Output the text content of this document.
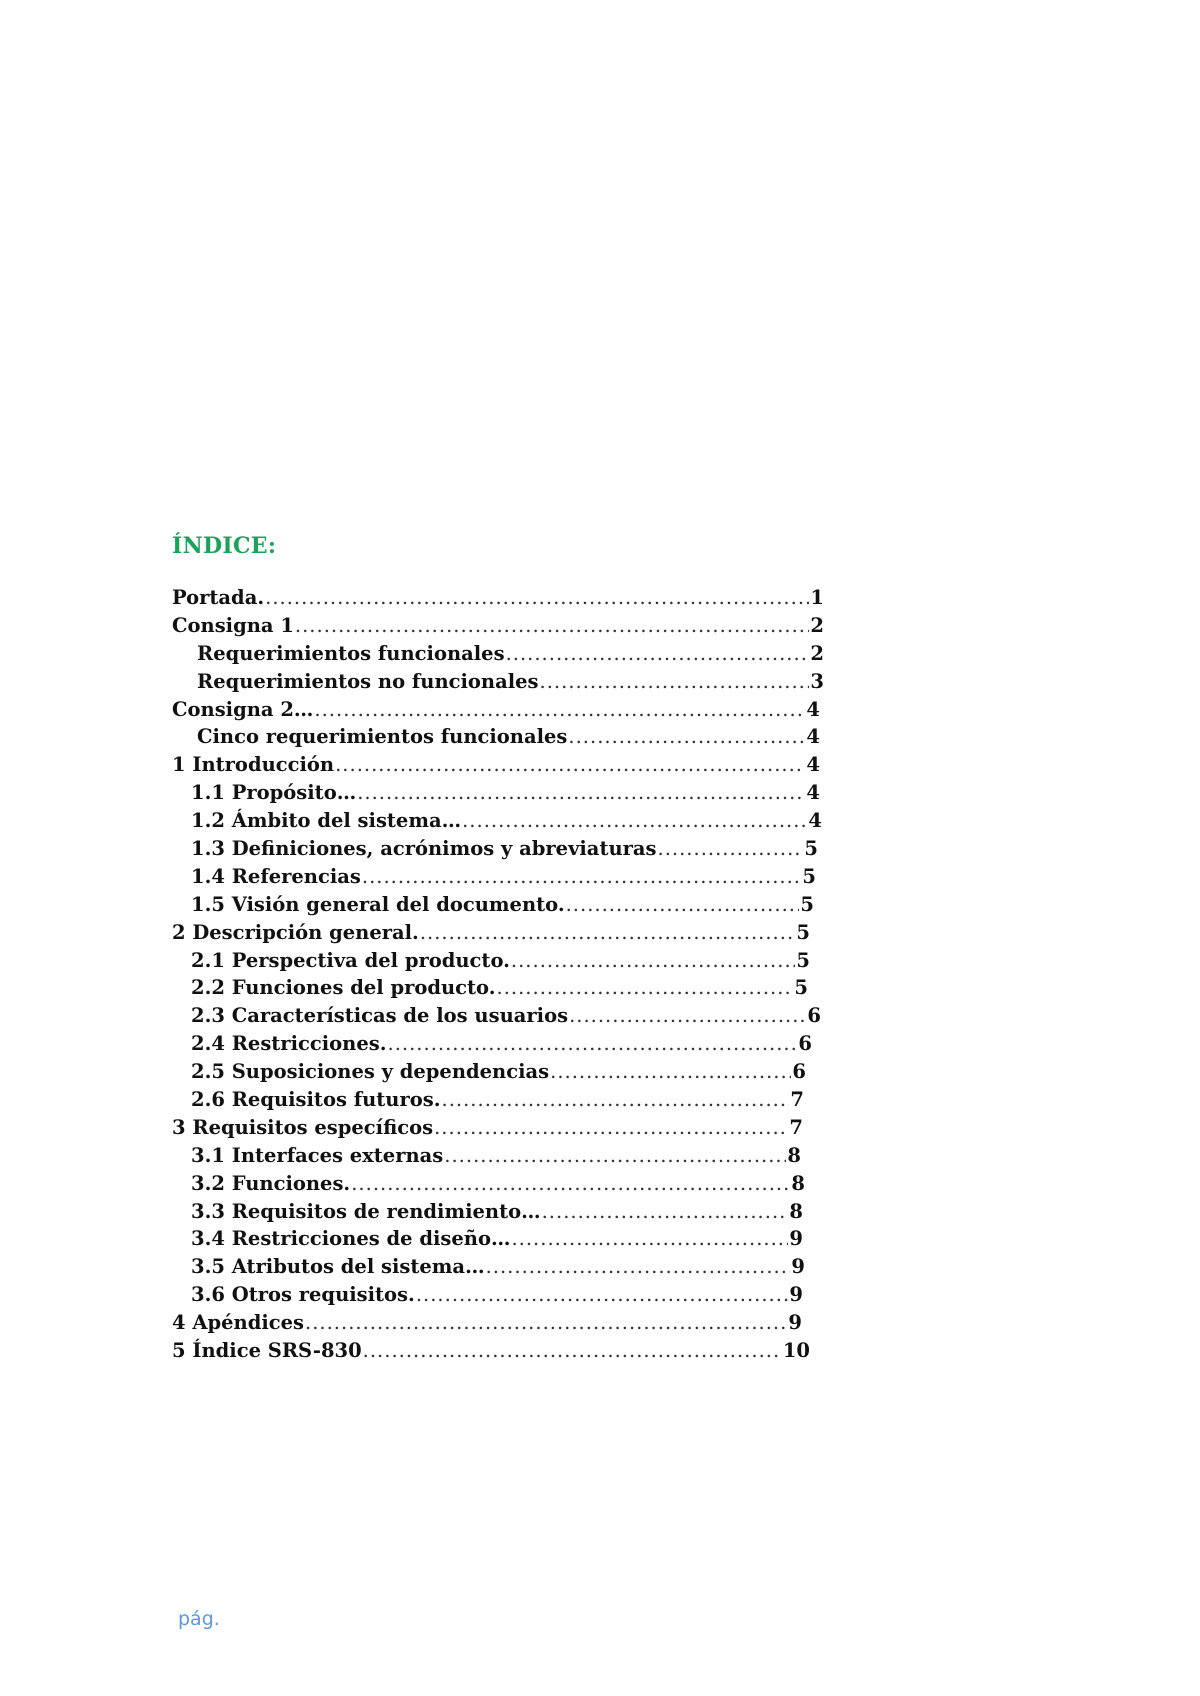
ÍNDICE:
Portada. .....	1
Consigna 1 .....	2
Requerimientos funcionales .....	2
Requerimientos no funcionales .....	3
Consigna 2… .....	4
Cinco requerimientos funcionales .....	4
1 Introducción .....	4
1.1 Propósito… .....	4
1.2 Ámbito del sistema… .....	4
1.3 Definiciones, acrónimos y abreviaturas .....	5
1.4 Referencias .....	5
1.5 Visión general del documento. .....	5
2 Descripción general. .....	5
2.1 Perspectiva del producto. .....	5
2.2 Funciones del producto. .....	5
2.3 Características de los usuarios .....	6
2.4 Restricciones. .....	6
2.5 Suposiciones y dependencias .....	6
2.6 Requisitos futuros. .....	7
3 Requisitos específicos .....	7
3.1 Interfaces externas .....	8
3.2 Funciones. .....	8
3.3 Requisitos de rendimiento… .....	8
3.4 Restricciones de diseño… .....	9
3.5 Atributos del sistema… .....	9
3.6 Otros requisitos. .....	9
4 Apéndices .....	9
5 Índice SRS-830 .....	10

pág.
